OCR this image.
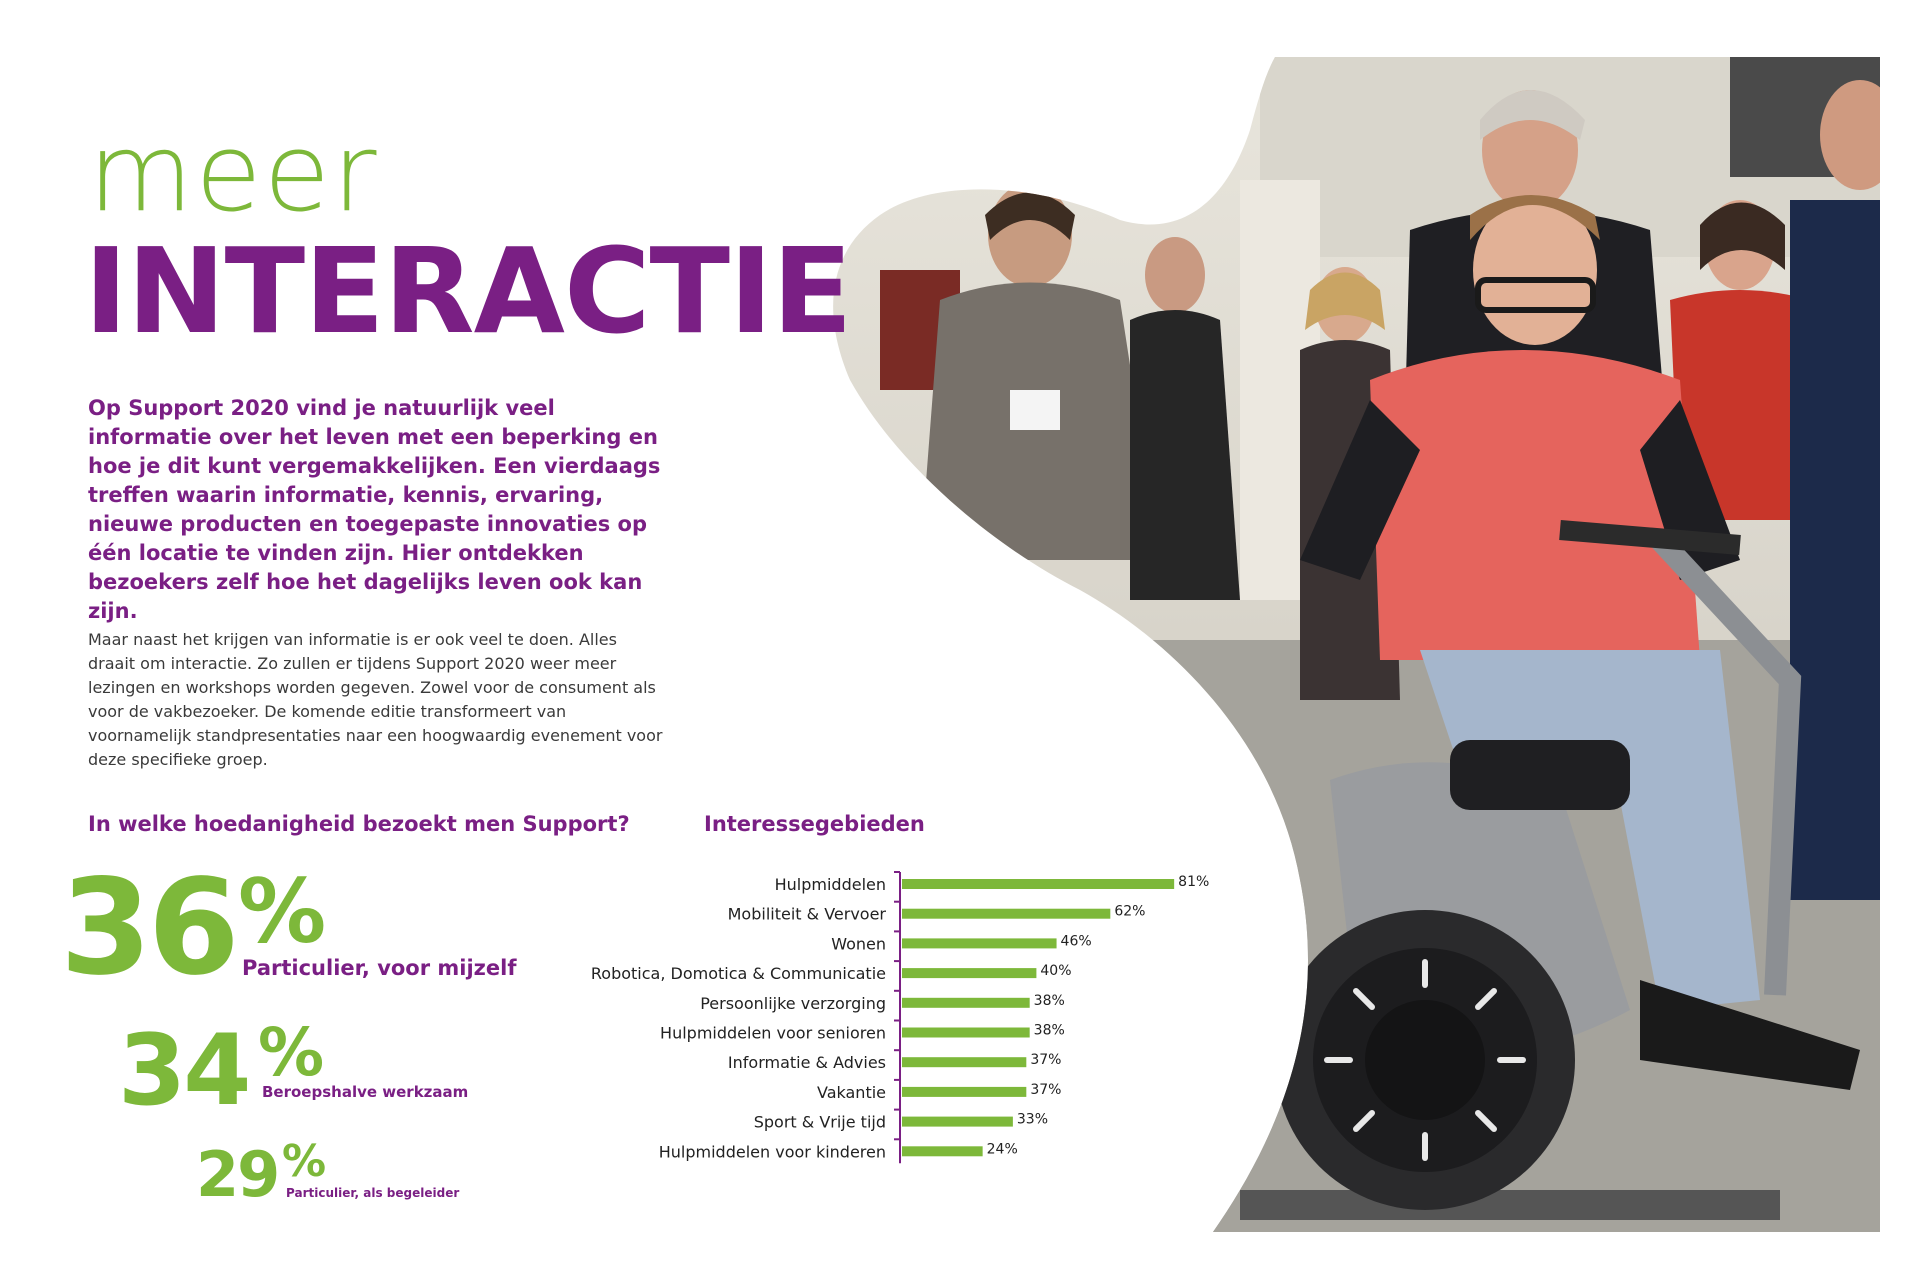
meer
INTERACTIE

Op Support 2020 vind je natuurlijk veel informatie over het leven met een beperking en hoe je dit kunt vergemakkelijken. Een vierdaags treffen waarin informatie, kennis, ervaring, nieuwe producten en toegepaste innovaties op één locatie te vinden zijn. Hier ontdekken bezoekers zelf hoe het dagelijks leven ook kan zijn.

Maar naast het krijgen van informatie is er ook veel te doen. Alles draait om interactie. Zo zullen er tijdens Support 2020 weer meer lezingen en workshops worden gegeven. Zowel voor de consument als voor de vakbezoeker. De komende editie transformeert van voornamelijk standpresentaties naar een hoogwaardig evenement voor deze specifieke groep.

In welke hoedanigheid bezoekt men Support?
36 %
Particulier, voor mijzelf
34 %
Beroepshalve werkzaam
29 %
Particulier, als begeleider
Interessegebieden
Hulpmiddelen	81%
Mobiliteit & Vervoer	62%
Wonen	46%
Robotica, Domotica & Communicatie	40%
Persoonlijke verzorging	38%
Hulpmiddelen voor senioren	38%
Informatie & Advies	37%
Vakantie	37%
Sport & Vrije tijd	33%
Hulpmiddelen voor kinderen	24%
